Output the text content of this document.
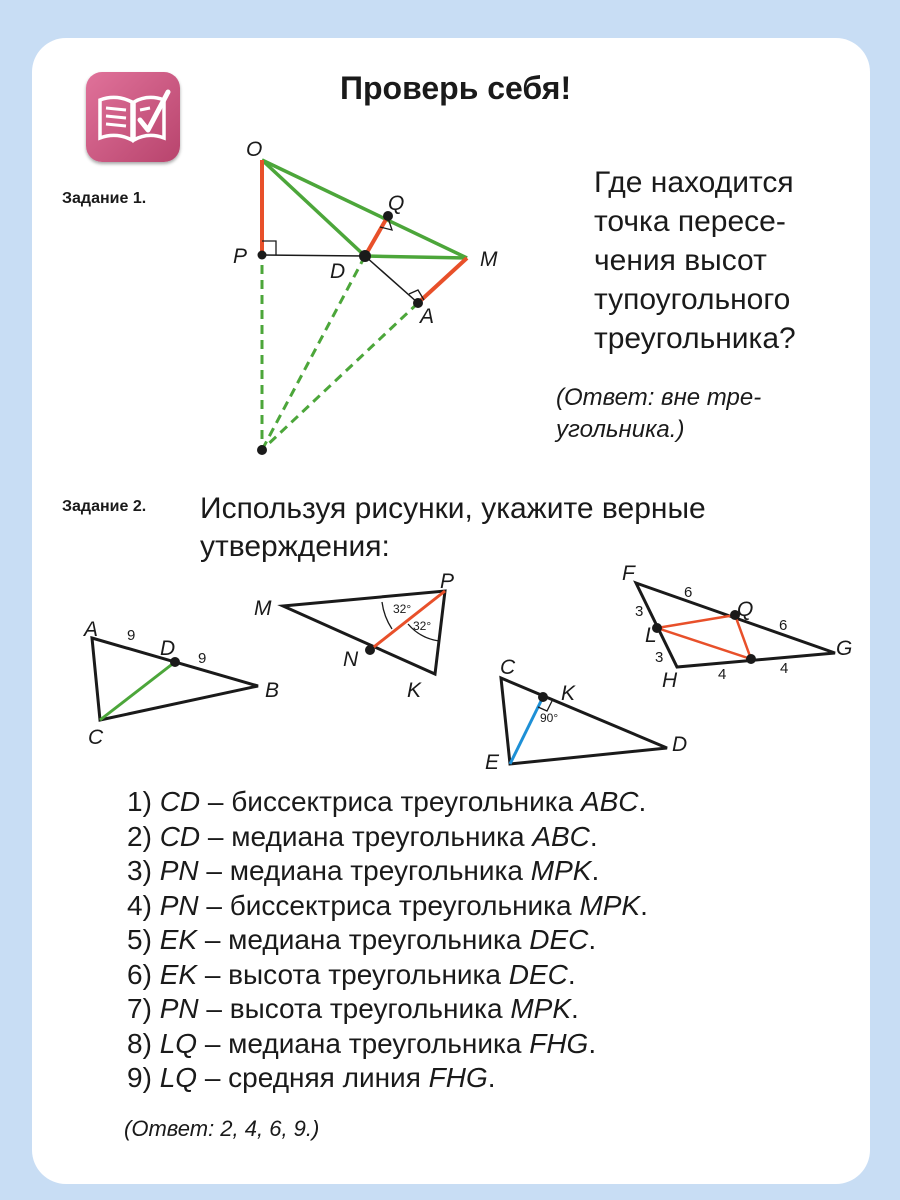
Проверь себя!
Задание 1.
Задание 2.
Где находится
точка пересе-
чения высот
тупоугольного
треугольника?
(Ответ: вне тре-
угольника.)
Используя рисунки, укажите верные
утверждения:
O
Q
P
D
M
A
A
D
B
C
9
9
M
P
N
K
32°
32°
C
K
E
D
90°
F
Q
L
G
H
6
3
6
3
4	4
1) CD – биссектриса треугольника ABC.
2) CD – медиана треугольника ABC.
3) PN – медиана треугольника MPK.
4) PN – биссектриса треугольника MPK.
5) EK – медиана треугольника DEC.
6) EK – высота треугольника DEC.
7) PN – высота треугольника MPK.
8) LQ – медиана треугольника FHG.
9) LQ – средняя линия FHG.
(Ответ: 2, 4, 6, 9.)
